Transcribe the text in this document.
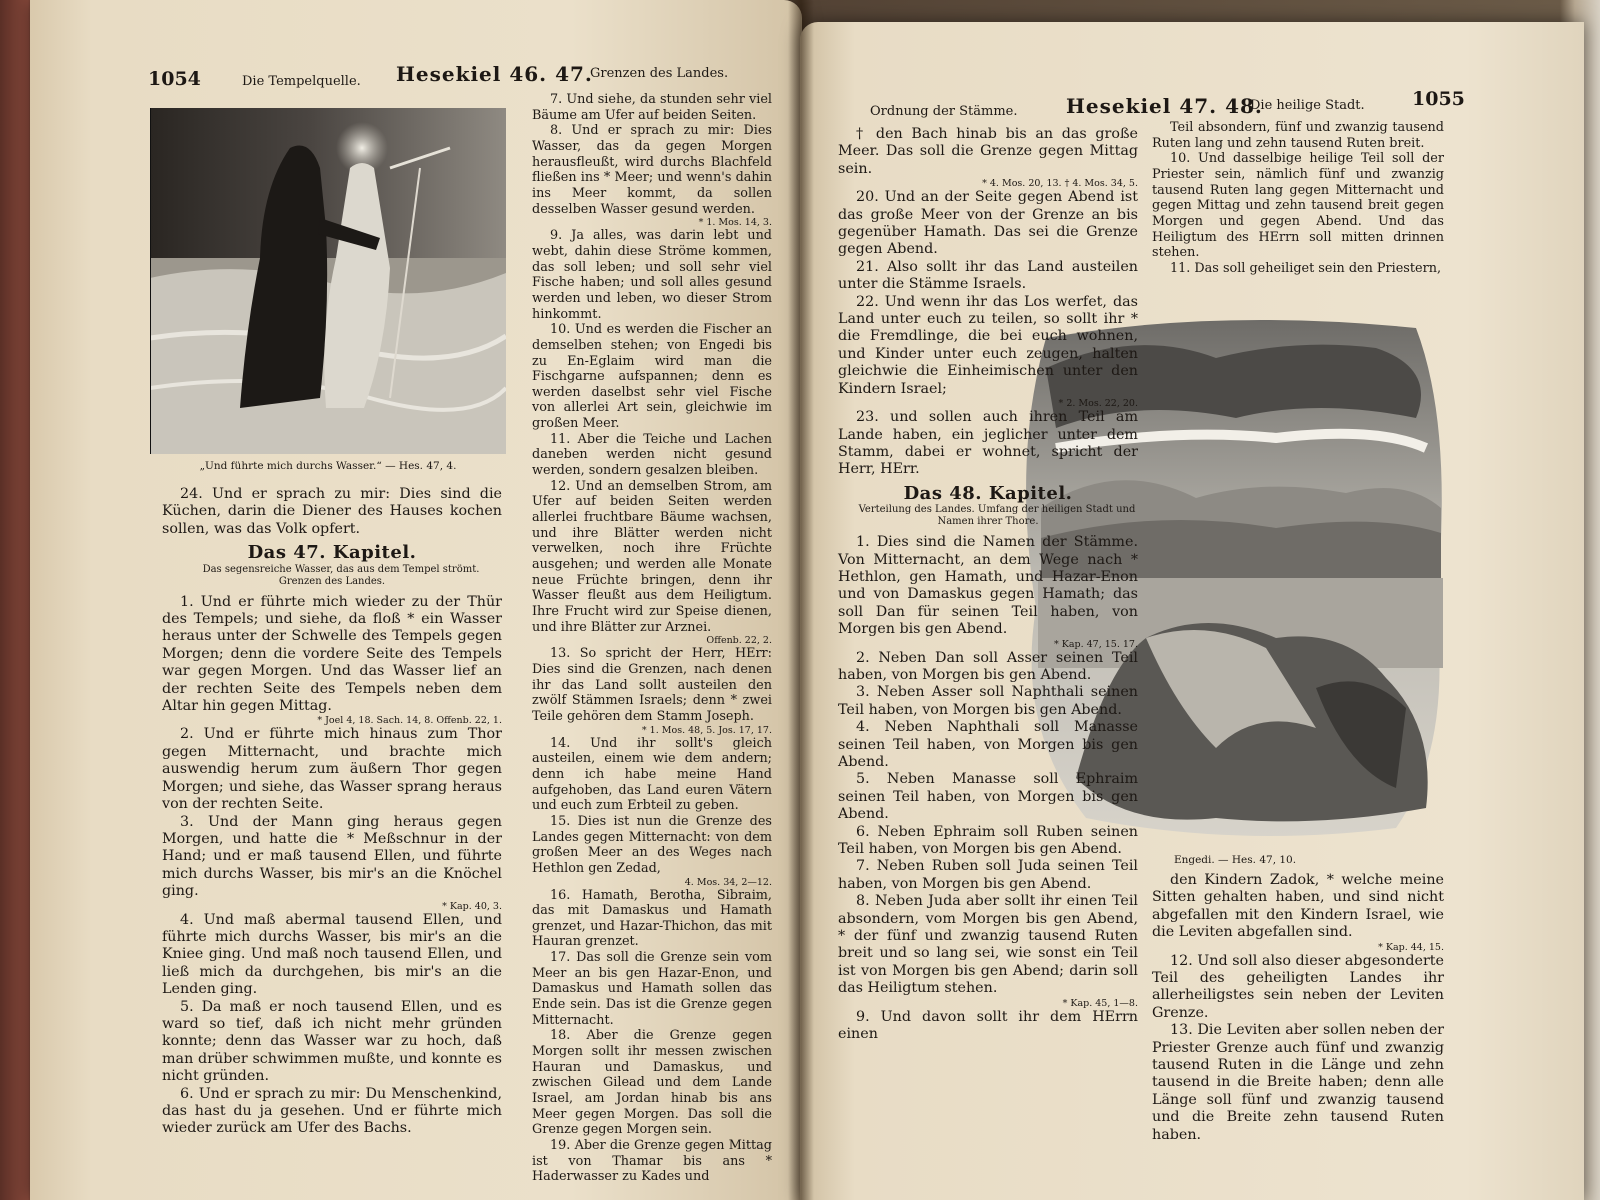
1054	Die Tempelquelle. Hesekiel 46. 47.
Grenzen des Landes.
„Und führte mich durchs Wasser.“ — Hes. 47, 4.

24. Und er sprach zu mir: Dies sind die Küchen, darin die Diener des Hauses kochen sollen, was das Volk opfert.

Das 47. Kapitel.

Das segensreiche Wasser, das aus dem Tempel strömt. Grenzen des Landes.

1. Und er führte mich wieder zu der Thür des Tempels; und siehe, da floß * ein Wasser heraus unter der Schwelle des Tempels gegen Morgen; denn die vordere Seite des Tempels war gegen Morgen. Und das Wasser lief an der rechten Seite des Tempels neben dem Altar hin gegen Mittag.

* Joel 4, 18. Sach. 14, 8. Offenb. 22, 1.

2. Und er führte mich hinaus zum Thor gegen Mitternacht, und brachte mich auswendig herum zum äußern Thor gegen Morgen; und siehe, das Wasser sprang heraus von der rechten Seite.

3. Und der Mann ging heraus gegen Morgen, und hatte die * Meßschnur in der Hand; und er maß tausend Ellen, und führte mich durchs Wasser, bis mir's an die Knöchel ging.

* Kap. 40, 3.

4. Und maß abermal tausend Ellen, und führte mich durchs Wasser, bis mir's an die Kniee ging. Und maß noch tausend Ellen, und ließ mich da durchgehen, bis mir's an die Lenden ging.

5. Da maß er noch tausend Ellen, und es ward so tief, daß ich nicht mehr gründen konnte; denn das Wasser war zu hoch, daß man drüber schwimmen mußte, und konnte es nicht gründen.

6. Und er sprach zu mir: Du Menschenkind, das hast du ja gesehen. Und er führte mich wieder zurück am Ufer des Bachs.

7. Und siehe, da stunden sehr viel Bäume am Ufer auf beiden Seiten.

8. Und er sprach zu mir: Dies Wasser, das da gegen Morgen herausfleußt, wird durchs Blachfeld fließen ins * Meer; und wenn's dahin ins Meer kommt, da sollen desselben Wasser gesund werden.

* 1. Mos. 14, 3.

9. Ja alles, was darin lebt und webt, dahin diese Ströme kommen, das soll leben; und soll sehr viel Fische haben; und soll alles gesund werden und leben, wo dieser Strom hinkommt.

10. Und es werden die Fischer an demselben stehen; von Engedi bis zu En-Eglaim wird man die Fischgarne aufspannen; denn es werden daselbst sehr viel Fische von allerlei Art sein, gleichwie im großen Meer.

11. Aber die Teiche und Lachen daneben werden nicht gesund werden, sondern gesalzen bleiben.

12. Und an demselben Strom, am Ufer auf beiden Seiten werden allerlei fruchtbare Bäume wachsen, und ihre Blätter werden nicht verwelken, noch ihre Früchte ausgehen; und werden alle Monate neue Früchte bringen, denn ihr Wasser fleußt aus dem Heiligtum. Ihre Frucht wird zur Speise dienen, und ihre Blätter zur Arznei.

Offenb. 22, 2.

13. So spricht der Herr, HErr: Dies sind die Grenzen, nach denen ihr das Land sollt austeilen den zwölf Stämmen Israels; denn * zwei Teile gehören dem Stamm Joseph.

* 1. Mos. 48, 5. Jos. 17, 17.

14. Und ihr sollt's gleich austeilen, einem wie dem andern; denn ich habe meine Hand aufgehoben, das Land euren Vätern und euch zum Erbteil zu geben.

15. Dies ist nun die Grenze des Landes gegen Mitternacht: von dem großen Meer an des Weges nach Hethlon gen Zedad,

4. Mos. 34, 2—12.

16. Hamath, Berotha, Sibraim, das mit Damaskus und Hamath grenzet, und Hazar-Thichon, das mit Hauran grenzet.

17. Das soll die Grenze sein vom Meer an bis gen Hazar-Enon, und Damaskus und Hamath sollen das Ende sein. Das ist die Grenze gegen Mitternacht.

18. Aber die Grenze gegen Morgen sollt ihr messen zwischen Hauran und Damaskus, und zwischen Gilead und dem Lande Israel, am Jordan hinab bis ans Meer gegen Morgen. Das soll die Grenze gegen Morgen sein.

19. Aber die Grenze gegen Mittag ist von Thamar bis ans * Haderwasser zu Kades und

Ordnung der Stämme. Hesekiel 47. 48.
Die heilige Stadt. 1055
Engedi. — Hes. 47, 10.

† den Bach hinab bis an das große Meer. Das soll die Grenze gegen Mittag sein.

* 4. Mos. 20, 13. † 4. Mos. 34, 5.

20. Und an der Seite gegen Abend ist das große Meer von der Grenze an bis gegenüber Hamath. Das sei die Grenze gegen Abend.

21. Also sollt ihr das Land austeilen unter die Stämme Israels.

22. Und wenn ihr das Los werfet, das Land unter euch zu teilen, so sollt ihr * die Fremdlinge, die bei euch wohnen, und Kinder unter euch zeugen, halten gleichwie die Einheimischen unter den Kindern Israel;

* 2. Mos. 22, 20.

23. und sollen auch ihren Teil am Lande haben, ein jeglicher unter dem Stamm, dabei er wohnet, spricht der Herr, HErr.

Das 48. Kapitel.

Verteilung des Landes. Umfang der heiligen Stadt und Namen ihrer Thore.

1. Dies sind die Namen der Stämme. Von Mitternacht, an dem Wege nach * Hethlon, gen Hamath, und Hazar-Enon und von Damaskus gegen Hamath; das soll Dan für seinen Teil haben, von Morgen bis gen Abend.

* Kap. 47, 15. 17.

2. Neben Dan soll Asser seinen Teil haben, von Morgen bis gen Abend.

3. Neben Asser soll Naphthali seinen Teil haben, von Morgen bis gen Abend.

4. Neben Naphthali soll Manasse seinen Teil haben, von Morgen bis gen Abend.

5. Neben Manasse soll Ephraim seinen Teil haben, von Morgen bis gen Abend.

6. Neben Ephraim soll Ruben seinen Teil haben, von Morgen bis gen Abend.

7. Neben Ruben soll Juda seinen Teil haben, von Morgen bis gen Abend.

8. Neben Juda aber sollt ihr einen Teil absondern, vom Morgen bis gen Abend, * der fünf und zwanzig tausend Ruten breit und so lang sei, wie sonst ein Teil ist von Morgen bis gen Abend; darin soll das Heiligtum stehen.

* Kap. 45, 1—8.

9. Und davon sollt ihr dem HErrn einen

Teil absondern, fünf und zwanzig tausend Ruten lang und zehn tausend Ruten breit.

10. Und dasselbige heilige Teil soll der Priester sein, nämlich fünf und zwanzig tausend Ruten lang gegen Mitternacht und gegen Mittag und zehn tausend breit gegen Morgen und gegen Abend. Und das Heiligtum des HErrn soll mitten drinnen stehen.

11. Das soll geheiliget sein den Priestern,

den Kindern Zadok, * welche meine Sitten gehalten haben, und sind nicht abgefallen mit den Kindern Israel, wie die Leviten abgefallen sind.

* Kap. 44, 15.

12. Und soll also dieser abgesonderte Teil des geheiligten Landes ihr allerheiligstes sein neben der Leviten Grenze.

13. Die Leviten aber sollen neben der Priester Grenze auch fünf und zwanzig tausend Ruten in die Länge und zehn tausend in die Breite haben; denn alle Länge soll fünf und zwanzig tausend und die Breite zehn tausend Ruten haben.
